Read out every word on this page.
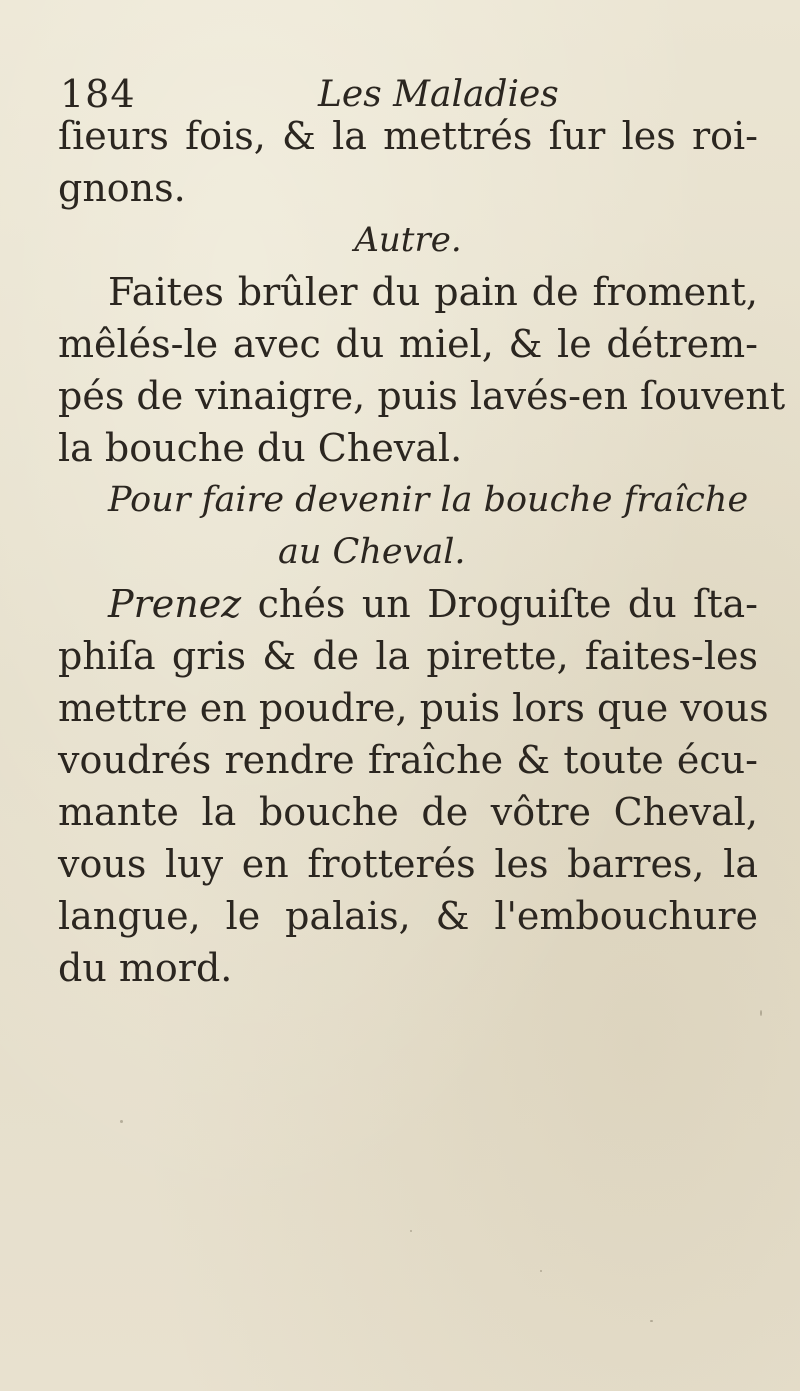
184	Les Maladies
ſieurs fois, & la mettrés ſur les roi-
gnons.
Autre.
Faites brûler du pain de froment,
mêlés-le avec du miel, & le détrem-
pés de vinaigre, puis lavés-en ſouvent
la bouche du Cheval.
Pour faire devenir la bouche fraîche
au Cheval.
Prenez chés un Droguiſte du ſta-
phiſa gris & de la pirette, faites-les
mettre en poudre, puis lors que vous
voudrés rendre fraîche & toute écu-
mante la bouche de vôtre Cheval,
vous luy en frotterés les barres, la
langue, le palais, & l'embouchure
du mord.
